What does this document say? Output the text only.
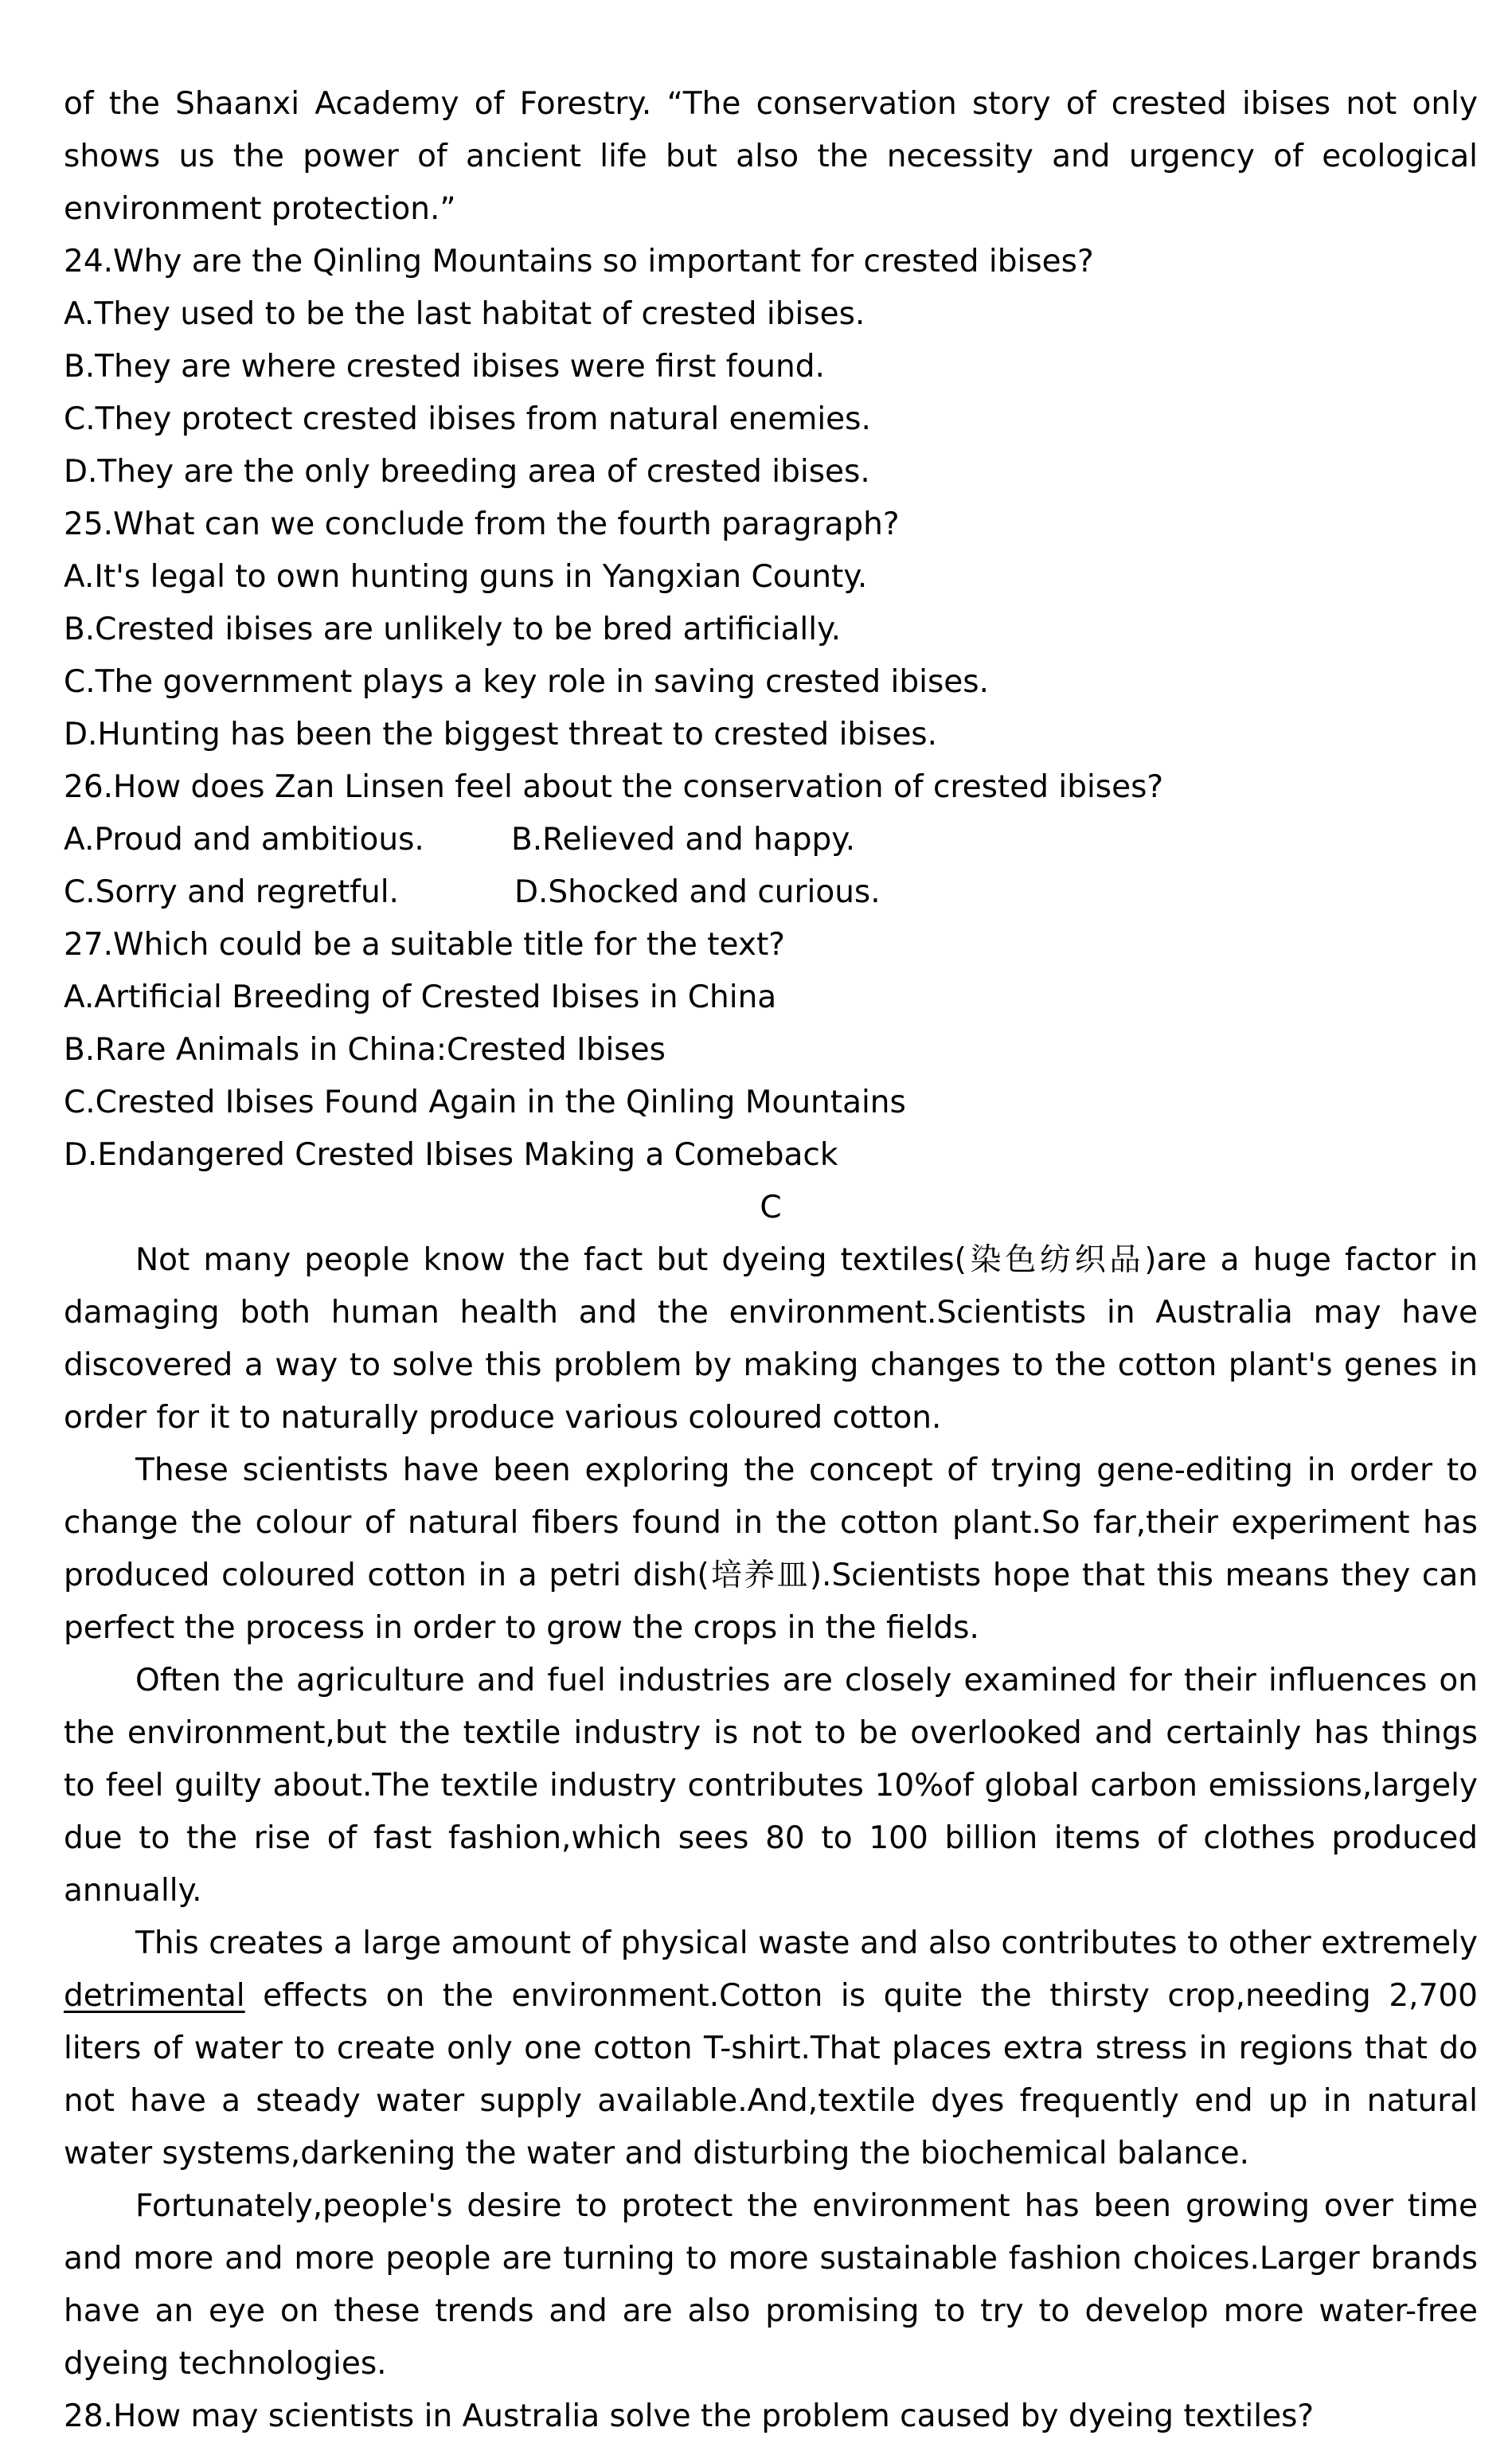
of the Shaanxi Academy of Forestry. “The conservation story of crested ibises not only shows us the power of ancient life but also the necessity and urgency of ecological environment protection.”

24.Why are the Qinling Mountains so important for crested ibises?
A.They used to be the last habitat of crested ibises.
B.They are where crested ibises were first found.
C.They protect crested ibises from natural enemies.
D.They are the only breeding area of crested ibises.
25.What can we conclude from the fourth paragraph?
A.It's legal to own hunting guns in Yangxian County.
B.Crested ibises are unlikely to be bred artificially.
C.The government plays a key role in saving crested ibises.
D.Hunting has been the biggest threat to crested ibises.
26.How does Zan Linsen feel about the conservation of crested ibises?
A.Proud and ambitious.	B.Relieved and happy.
C.Sorry and regretful.	D.Shocked and curious.
27.Which could be a suitable title for the text?
A.Artificial Breeding of Crested Ibises in China
B.Rare Animals in China:Crested Ibises
C.Crested Ibises Found Again in the Qinling Mountains
D.Endangered Crested Ibises Making a Comeback
C

Not many people know the fact but dyeing textiles(染色纺织品)are a huge factor in damaging both human health and the environment.Scientists in Australia may have discovered a way to solve this problem by making changes to the cotton plant's genes in order for it to naturally produce various coloured cotton.

These scientists have been exploring the concept of trying gene-editing in order to change the colour of natural fibers found in the cotton plant.So far,their experiment has produced coloured cotton in a petri dish(培养皿).Scientists hope that this means they can perfect the process in order to grow the crops in the fields.

Often the agriculture and fuel industries are closely examined for their influences on the environment,but the textile industry is not to be overlooked and certainly has things to feel guilty about.The textile industry contributes 10%of global carbon emissions,largely due to the rise of fast fashion,which sees 80 to 100 billion items of clothes produced annually.

This creates a large amount of physical waste and also contributes to other extremely detrimental effects on the environment.Cotton is quite the thirsty crop,needing 2,700 liters of water to create only one cotton T-shirt.That places extra stress in regions that do not have a steady water supply available.And,textile dyes frequently end up in natural water systems,darkening the water and disturbing the biochemical balance.

Fortunately,people's desire to protect the environment has been growing over time and more and more people are turning to more sustainable fashion choices.Larger brands have an eye on these trends and are also promising to try to develop more water-free dyeing technologies.

28.How may scientists in Australia solve the problem caused by dyeing textiles?
